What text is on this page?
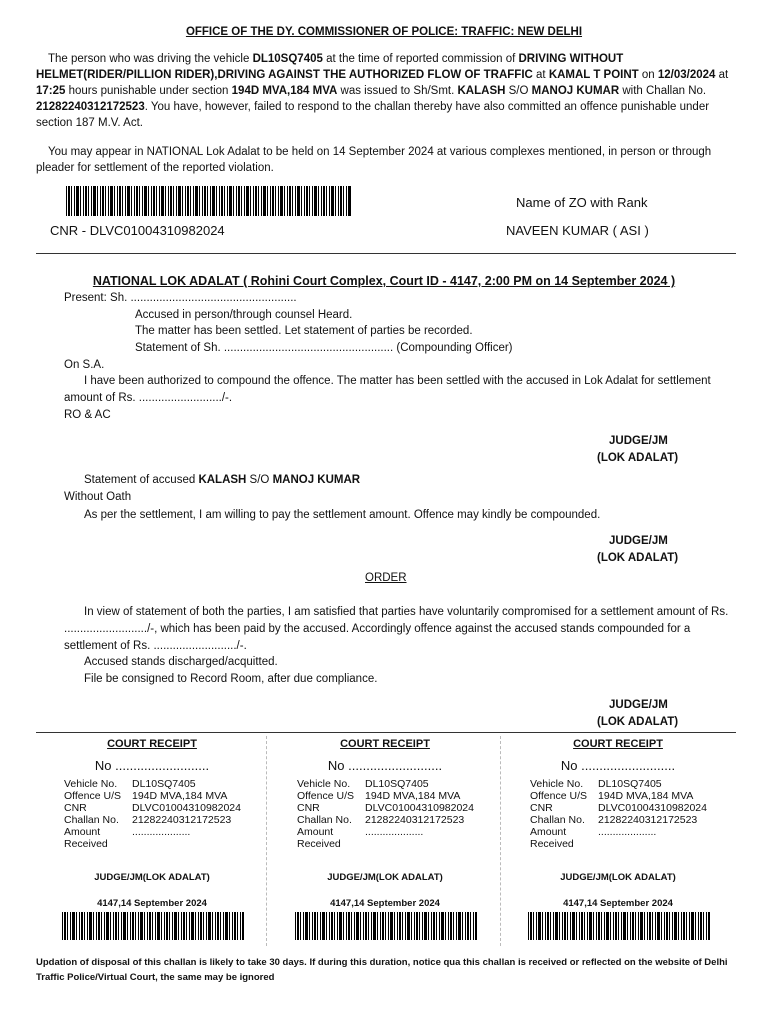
OFFICE OF THE DY. COMMISSIONER OF POLICE: TRAFFIC: NEW DELHI
The person who was driving the vehicle DL10SQ7405 at the time of reported commission of DRIVING WITHOUT HELMET(RIDER/PILLION RIDER),DRIVING AGAINST THE AUTHORIZED FLOW OF TRAFFIC at KAMAL T POINT on 12/03/2024 at 17:25 hours punishable under section 194D MVA,184 MVA was issued to Sh/Smt. KALASH S/O MANOJ KUMAR with Challan No. 21282240312172523. You have, however, failed to respond to the challan thereby have also committed an offence punishable under section 187 M.V. Act.
You may appear in NATIONAL Lok Adalat to be held on 14 September 2024 at various complexes mentioned, in person or through pleader for settlement of the reported violation.
CNR - DLVC01004310982024
Name of ZO with Rank
NAVEEN KUMAR ( ASI )
NATIONAL LOK ADALAT ( Rohini Court Complex, Court ID - 4147, 2:00 PM on 14 September 2024 )
Present: Sh. ....................................................
Accused in person/through counsel Heard.
The matter has been settled. Let statement of parties be recorded.
Statement of Sh. ..................................................... (Compounding Officer)
On S.A.
I have been authorized to compound the offence. The matter has been settled with the accused in Lok Adalat for settlement
amount of Rs. ........................../-.
RO & AC
JUDGE/JM
(LOK ADALAT)
Statement of accused KALASH S/O MANOJ KUMAR
Without Oath
As per the settlement, I am willing to pay the settlement amount. Offence may kindly be compounded.
JUDGE/JM
(LOK ADALAT)
ORDER
In view of statement of both the parties, I am satisfied that parties have voluntarily compromised for a settlement amount of Rs. ........................../-, which has been paid by the accused. Accordingly offence against the accused stands compounded for a settlement of Rs. ........................../-.
Accused stands discharged/acquitted.
File be consigned to Record Room, after due compliance.
JUDGE/JM
(LOK ADALAT)
COURT RECEIPT
No ..........................
Vehicle No. DL10SQ7405
Offence U/S 194D MVA,184 MVA
CNR	DLVC01004310982024
Challan No. 21282240312172523
Amount	....................
Received
JUDGE/JM(LOK ADALAT)
4147,14 September 2024
COURT RECEIPT
No ..........................
Vehicle No. DL10SQ7405
Offence U/S 194D MVA,184 MVA
CNR	DLVC01004310982024
Challan No. 21282240312172523
Amount	....................
Received
JUDGE/JM(LOK ADALAT)
4147,14 September 2024
COURT RECEIPT
No ..........................
Vehicle No. DL10SQ7405
Offence U/S 194D MVA,184 MVA
CNR	DLVC01004310982024
Challan No. 21282240312172523
Amount	....................
Received
JUDGE/JM(LOK ADALAT)
4147,14 September 2024
Updation of disposal of this challan is likely to take 30 days. If during this duration, notice qua this challan is received or reflected on the website of Delhi Traffic Police/Virtual Court, the same may be ignored
